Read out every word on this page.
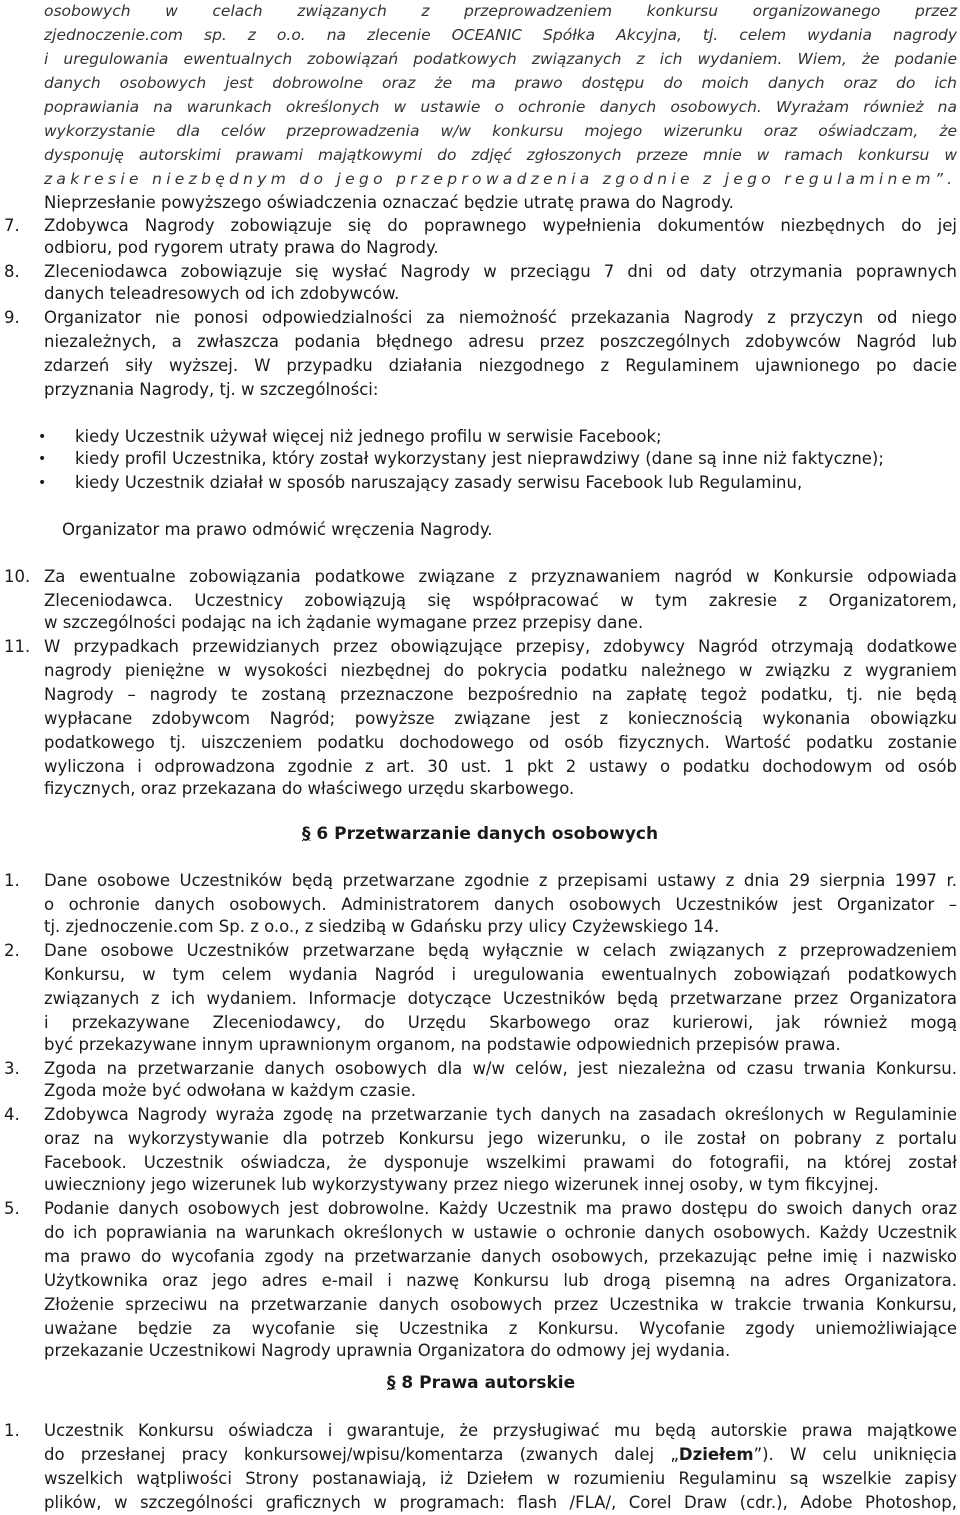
osobowych w celach związanych z przeprowadzeniem konkursu organizowanego przez
zjednoczenie.com sp. z o.o. na zlecenie OCEANIC Spółka Akcyjna, tj. celem wydania nagrody
i uregulowania ewentualnych zobowiązań podatkowych związanych z ich wydaniem. Wiem, że podanie
danych osobowych jest dobrowolne oraz że ma prawo dostępu do moich danych oraz do ich
poprawiania na warunkach określonych w ustawie o ochronie danych osobowych. Wyrażam również na
wykorzystanie dla celów przeprowadzenia w/w konkursu mojego wizerunku oraz oświadczam, że
dysponuję autorskimi prawami majątkowymi do zdjęć zgłoszonych przeze mnie w ramach konkursu w
zakresie niezbędnym do jego przeprowadzenia zgodnie z jego regulaminem”.
Nieprzesłanie powyższego oświadczenia oznaczać będzie utratę prawa do Nagrody.
7. Zdobywca Nagrody zobowiązuje się do poprawnego wypełnienia dokumentów niezbędnych do jej
odbioru, pod rygorem utraty prawa do Nagrody.
8. Zleceniodawca zobowiązuje się wysłać Nagrody w przeciągu 7 dni od daty otrzymania poprawnych
danych teleadresowych od ich zdobywców.
9. Organizator nie ponosi odpowiedzialności za niemożność przekazania Nagrody z przyczyn od niego
niezależnych, a zwłaszcza podania błędnego adresu przez poszczególnych zdobywców Nagród lub
zdarzeń siły wyższej. W przypadku działania niezgodnego z Regulaminem ujawnionego po dacie
przyznania Nagrody, tj. w szczególności:
• kiedy Uczestnik używał więcej niż jednego profilu w serwisie Facebook;
• kiedy profil Uczestnika, który został wykorzystany jest nieprawdziwy (dane są inne niż faktyczne);
• kiedy Uczestnik działał w sposób naruszający zasady serwisu Facebook lub Regulaminu,
Organizator ma prawo odmówić wręczenia Nagrody.
10. Za ewentualne zobowiązania podatkowe związane z przyznawaniem nagród w Konkursie odpowiada
Zleceniodawca. Uczestnicy zobowiązują się współpracować w tym zakresie z Organizatorem,
w szczególności podając na ich żądanie wymagane przez przepisy dane.
11. W przypadkach przewidzianych przez obowiązujące przepisy, zdobywcy Nagród otrzymają dodatkowe
nagrody pieniężne w wysokości niezbędnej do pokrycia podatku należnego w związku z wygraniem
Nagrody – nagrody te zostaną przeznaczone bezpośrednio na zapłatę tegoż podatku, tj. nie będą
wypłacane zdobywcom Nagród; powyższe związane jest z koniecznością wykonania obowiązku
podatkowego tj. uiszczeniem podatku dochodowego od osób fizycznych. Wartość podatku zostanie
wyliczona i odprowadzona zgodnie z art. 30 ust. 1 pkt 2 ustawy o podatku dochodowym od osób
fizycznych, oraz przekazana do właściwego urzędu skarbowego.
§ 6 Przetwarzanie danych osobowych
1. Dane osobowe Uczestników będą przetwarzane zgodnie z przepisami ustawy z dnia 29 sierpnia 1997 r.
o ochronie danych osobowych. Administratorem danych osobowych Uczestników jest Organizator –
tj. zjednoczenie.com Sp. z o.o., z siedzibą w Gdańsku przy ulicy Czyżewskiego 14.
2. Dane osobowe Uczestników przetwarzane będą wyłącznie w celach związanych z przeprowadzeniem
Konkursu, w tym celem wydania Nagród i uregulowania ewentualnych zobowiązań podatkowych
związanych z ich wydaniem. Informacje dotyczące Uczestników będą przetwarzane przez Organizatora
i przekazywane Zleceniodawcy, do Urzędu Skarbowego oraz kurierowi, jak również mogą
być przekazywane innym uprawnionym organom, na podstawie odpowiednich przepisów prawa.
3. Zgoda na przetwarzanie danych osobowych dla w/w celów, jest niezależna od czasu trwania Konkursu.
Zgoda może być odwołana w każdym czasie.
4. Zdobywca Nagrody wyraża zgodę na przetwarzanie tych danych na zasadach określonych w Regulaminie
oraz na wykorzystywanie dla potrzeb Konkursu jego wizerunku, o ile został on pobrany z portalu
Facebook. Uczestnik oświadcza, że dysponuje wszelkimi prawami do fotografii, na której został
uwieczniony jego wizerunek lub wykorzystywany przez niego wizerunek innej osoby, w tym fikcyjnej.
5. Podanie danych osobowych jest dobrowolne. Każdy Uczestnik ma prawo dostępu do swoich danych oraz
do ich poprawiania na warunkach określonych w ustawie o ochronie danych osobowych. Każdy Uczestnik
ma prawo do wycofania zgody na przetwarzanie danych osobowych, przekazując pełne imię i nazwisko
Użytkownika oraz jego adres e-mail i nazwę Konkursu lub drogą pisemną na adres Organizatora.
Złożenie sprzeciwu na przetwarzanie danych osobowych przez Uczestnika w trakcie trwania Konkursu,
uważane będzie za wycofanie się Uczestnika z Konkursu. Wycofanie zgody uniemożliwiające
przekazanie Uczestnikowi Nagrody uprawnia Organizatora do odmowy jej wydania.
§ 8 Prawa autorskie
1. Uczestnik Konkursu oświadcza i gwarantuje, że przysługiwać mu będą autorskie prawa majątkowe
do przesłanej pracy konkursowej/wpisu/komentarza (zwanych dalej „Dziełem”). W celu uniknięcia
wszelkich wątpliwości Strony postanawiają, iż Dziełem w rozumieniu Regulaminu są wszelkie zapisy
plików, w szczególności graficznych w programach: flash /FLA/, Corel Draw (cdr.), Adobe Photoshop,
